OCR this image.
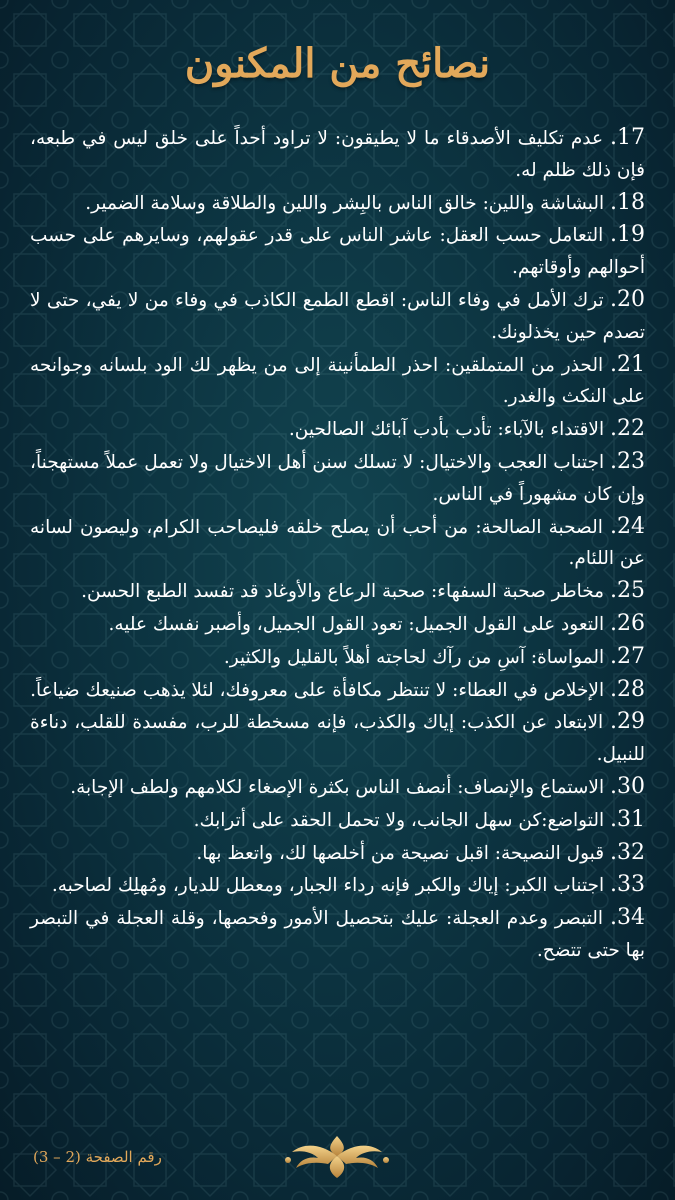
نصائح من المكنون

17. عدم تكليف الأصدقاء ما لا يطيقون: لا تراود أحداً على خلق ليس في طبعه، فإن ذلك ظلم له.

18. البشاشة واللين: خالق الناس بالبِشر واللين والطلاقة وسلامة الضمير.

19. التعامل حسب العقل: عاشر الناس على قدر عقولهم، وسايرهم على حسب أحوالهم وأوقاتهم.

20. ترك الأمل في وفاء الناس: اقطع الطمع الكاذب في وفاء من لا يفي، حتى لا تصدم حين يخذلونك.

21. الحذر من المتملقين: احذر الطمأنينة إلى من يظهر لك الود بلسانه وجوانحه على النكث والغدر.

22. الاقتداء بالآباء: تأدب بأدب آبائك الصالحين.

23. اجتناب العجب والاختيال: لا تسلك سنن أهل الاختيال ولا تعمل عملاً مستهجناً، وإن كان مشهوراً في الناس.

24. الصحبة الصالحة: من أحب أن يصلح خلقه فليصاحب الكرام، وليصون لسانه عن اللئام.

25. مخاطر صحبة السفهاء: صحبة الرعاع والأوغاد قد تفسد الطبع الحسن.

26. التعود على القول الجميل: تعود القول الجميل، وأصبر نفسك عليه.

27. المواساة: آسِ من رآك لحاجته أهلاً بالقليل والكثير.

28. الإخلاص في العطاء: لا تنتظر مكافأة على معروفك، لئلا يذهب صنيعك ضياعاً.

29. الابتعاد عن الكذب: إياك والكذب، فإنه مسخطة للرب، مفسدة للقلب، دناءة للنبيل.

30. الاستماع والإنصاف: أنصف الناس بكثرة الإصغاء لكلامهم ولطف الإجابة.

31. التواضع:كن سهل الجانب، ولا تحمل الحقد على أترابك.

32. قبول النصيحة: اقبل نصيحة من أخلصها لك، واتعظ بها.

33. اجتناب الكبر: إياك والكبر فإنه رداء الجبار، ومعطل للديار، ومُهلِك لصاحبه.

34. التبصر وعدم العجلة: عليك بتحصيل الأمور وفحصها، وقلة العجلة في التبصر بها حتى تتضح.

رقم الصفحة (2 – 3)
